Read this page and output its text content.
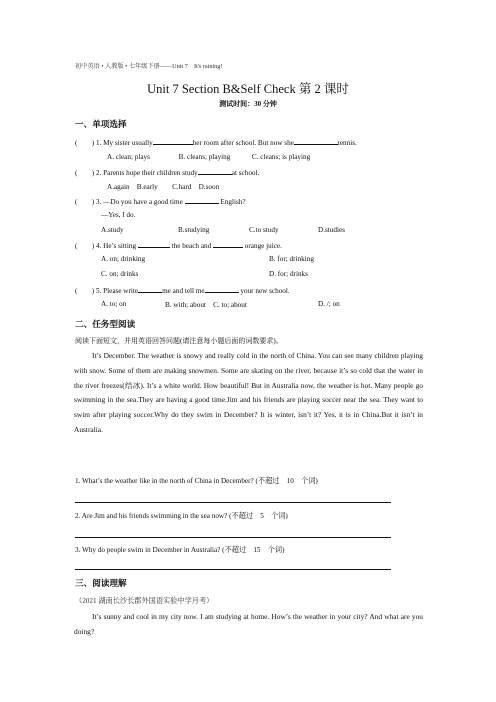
初中英语 • 人教版 • 七年级下册——Unit 7　It's raining!
Unit 7 Section B&Self Check 第 2 课时
测试时间：30 分钟
一、单项选择
(　　) 1. My sister usually	her room after school. But now she	tennis.
A. clean; plays　　　　B. cleans; playing　　　C. cleans; is playing
(　　) 2. Parents hope their children study	at school.
A.again　B.early　　C.hard　D.soon
(　　) 3. —Do you have a good time	English?
—Yes, I do.
A.study	B.studying	C.to study	D.studies
(　　) 4. He’s sitting	the beach and	orange juice.
A. on; drinking	B. for; drinking
C. on; drinks	D. for; drinks
(　　) 5. Please write	me and tell me	your new school.
A. to; on	B. with; about　C. to; about	D. /; on
二、任务型阅读
阅读下面短文，并用英语回答问题(请注意每小题后面的词数要求)。
It’s December. The weather is snowy and really cold in the north of China. You can see many children playing with snow. Some of them are making snowmen. Some are skating on the river, because it’s so cold that the water in the river freezes(结冰). It’s a white world. How beautiful! But in Australia now, the weather is hot. Many people go swimming in the sea.They are having a good time.Jim and his friends are playing soccer near the sea. They want to swim after playing soccer.Why do they swim in December? It is winter, isn’t it? Yes, it is in China.But it isn’t in Australia.
1. What’s the weather like in the north of China in December? (不超过　10　个词)
2. Are Jim and his friends swimming in the sea now? (不超过　5　个词)
3. Why do people swim in December in Australia? (不超过　15　个词)
三、阅读理解
（2021 湖南长沙长郡外国语实验中学月考）
It’s sunny and cool in my city now. I am studying at home. How’s the weather in your city? And what are you doing?
